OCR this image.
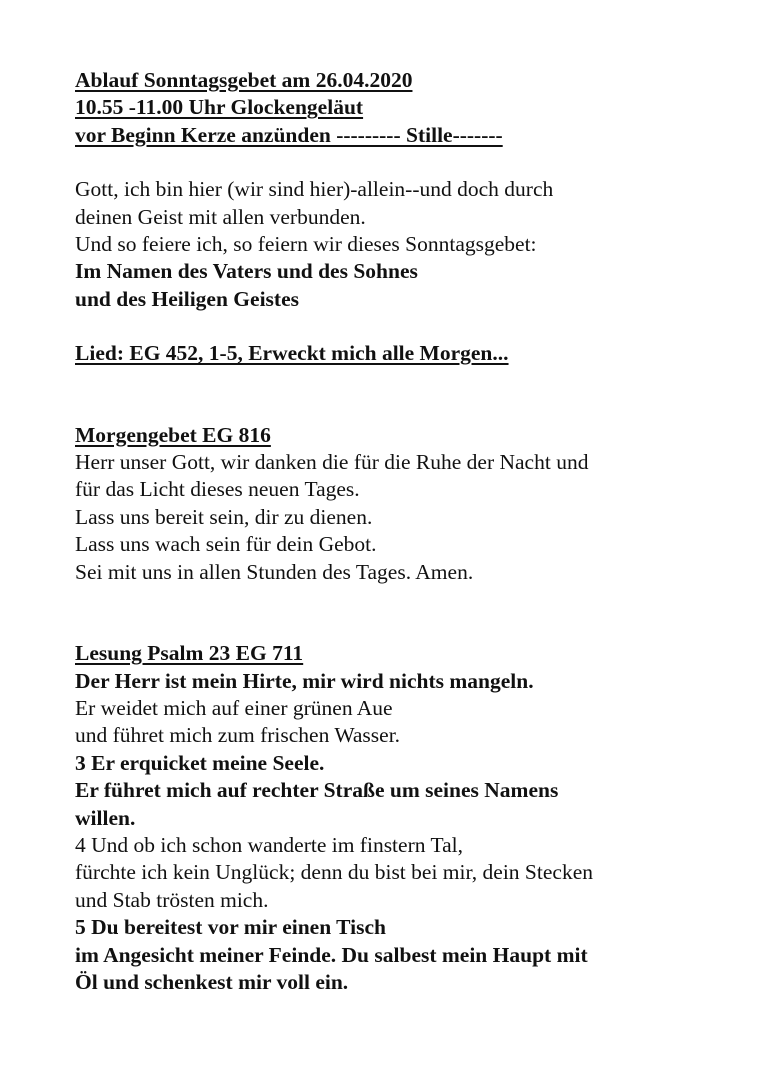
Ablauf Sonntagsgebet am 26.04.2020
10.55 -11.00 Uhr Glockengeläut
vor Beginn Kerze anzünden --------- Stille-------
Gott, ich bin hier (wir sind hier)-allein--und doch durch
deinen Geist mit allen verbunden.
Und so feiere ich, so feiern wir dieses Sonntagsgebet:
Im Namen des Vaters und des Sohnes
und des Heiligen Geistes
Lied: EG 452, 1-5, Erweckt mich alle Morgen...
Morgengebet EG 816
Herr unser Gott, wir danken die für die Ruhe der Nacht und
für das Licht dieses neuen Tages.
Lass uns bereit sein, dir zu dienen.
Lass uns wach sein für dein Gebot.
Sei mit uns in allen Stunden des Tages. Amen.
Lesung Psalm 23 EG 711
Der Herr ist mein Hirte, mir wird nichts mangeln.
Er weidet mich auf einer grünen Aue
und führet mich zum frischen Wasser.
3 Er erquicket meine Seele.
Er führet mich auf rechter Straße um seines Namens
willen.
4 Und ob ich schon wanderte im finstern Tal,
fürchte ich kein Unglück; denn du bist bei mir, dein Stecken
und Stab trösten mich.
5 Du bereitest vor mir einen Tisch
im Angesicht meiner Feinde. Du salbest mein Haupt mit
Öl und schenkest mir voll ein.
